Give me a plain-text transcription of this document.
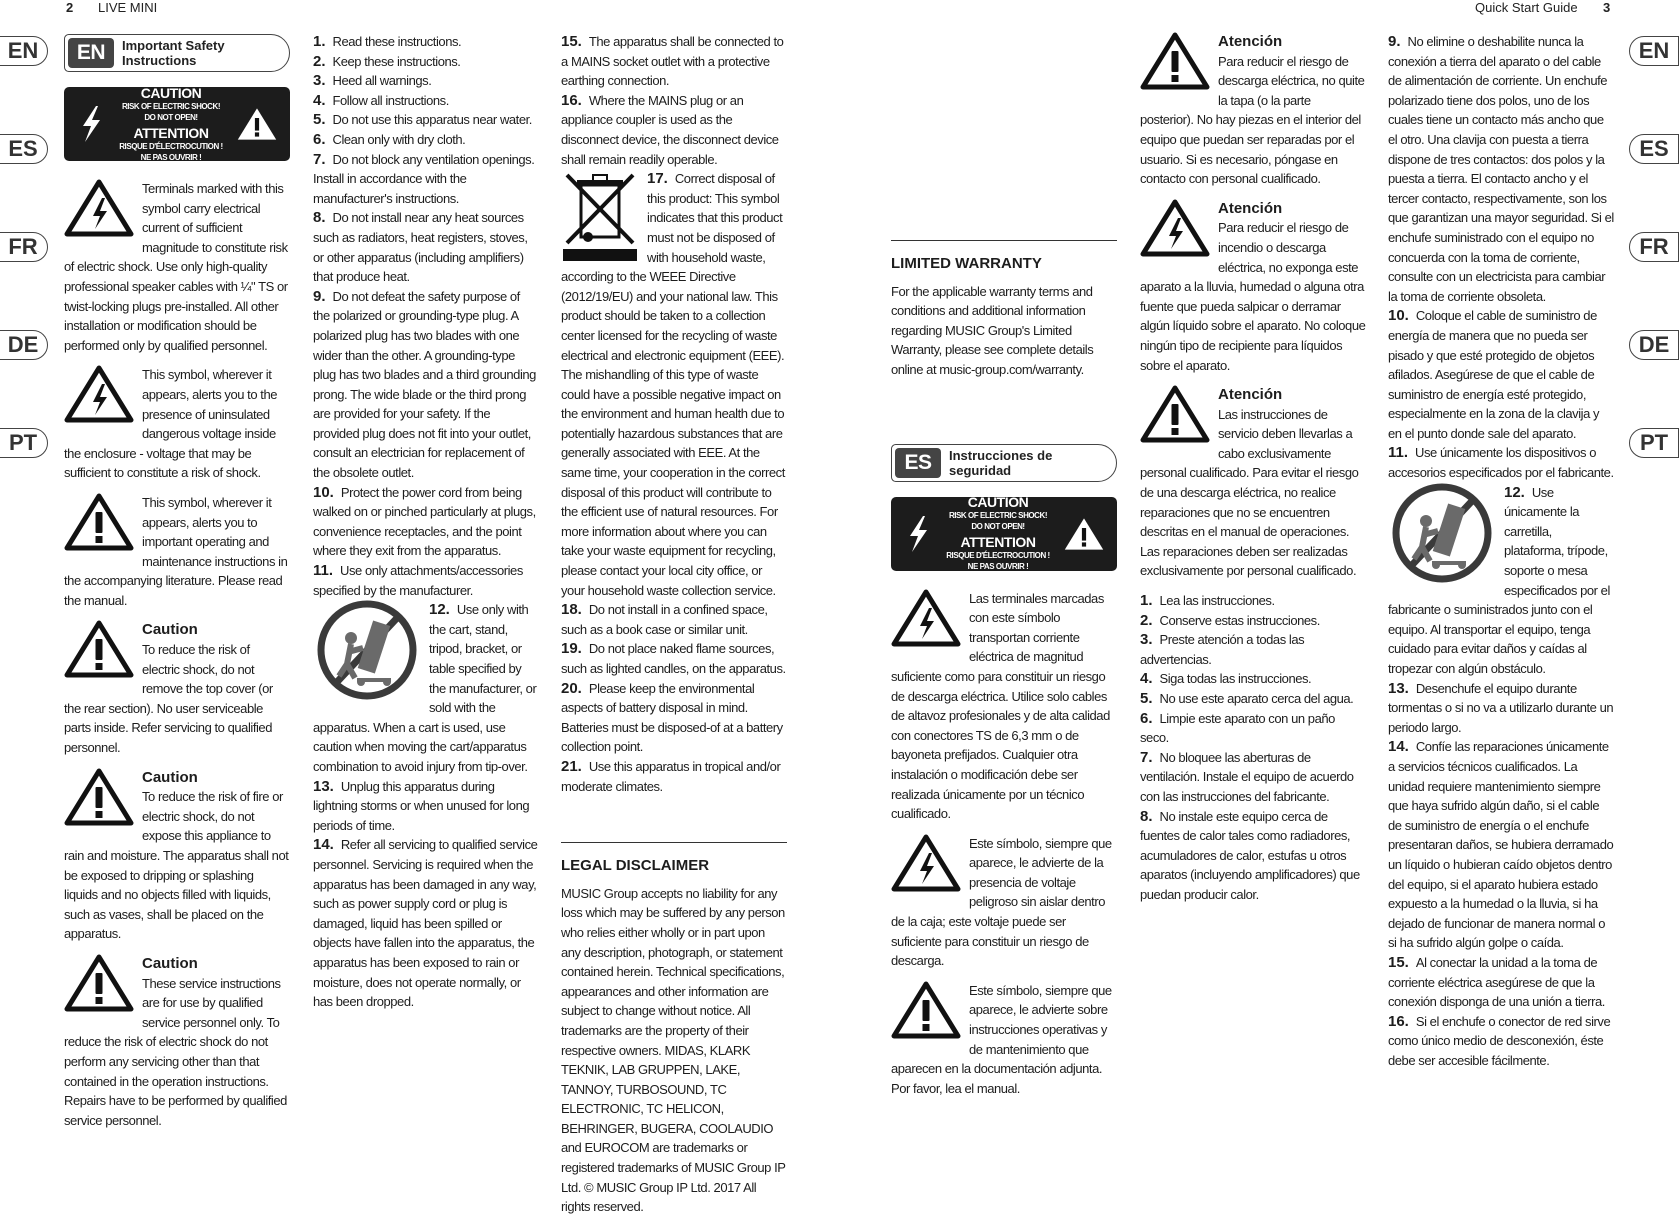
2 LIVE MINI	Quick Start Guide 3
EN
ES
FR
DE
PT
EN
ES
FR
DE
PT
EN	Important Safety
Instructions
CAUTION
RISK OF ELECTRIC SHOCK!
DO NOT OPEN!
ATTENTION
RISQUE D'ÉLECTROCUTION !
NE PAS OUVRIR !
Terminals marked with this symbol carry electrical current of sufficient magnitude to constitute risk of electric shock. Use only high-quality professional speaker cables with ¼" TS or twist-locking plugs pre-installed. All other installation or modification should be performed only by qualified personnel.
This symbol, wherever it appears, alerts you to the presence of uninsulated dangerous voltage inside the enclosure - voltage that may be sufficient to constitute a risk of shock.
This symbol, wherever it appears, alerts you to important operating and maintenance instructions in the accompanying literature. Please read the manual.
Caution
To reduce the risk of electric shock, do not remove the top cover (or the rear section). No user serviceable parts inside. Refer servicing to qualified personnel.
Caution
To reduce the risk of fire or electric shock, do not expose this appliance to rain and moisture. The apparatus shall not be exposed to dripping or splashing liquids and no objects filled with liquids, such as vases, shall be placed on the apparatus.
Caution
These service instructions are for use by qualified service personnel only. To reduce the risk of electric shock do not perform any servicing other than that contained in the operation instructions. Repairs have to be performed by qualified service personnel.

1. Read these instructions.

2. Keep these instructions.

3. Heed all warnings.

4. Follow all instructions.

5. Do not use this apparatus near water.

6. Clean only with dry cloth.

7. Do not block any ventilation openings. Install in accordance with the manufacturer's instructions.

8. Do not install near any heat sources such as radiators, heat registers, stoves, or other apparatus (including amplifiers) that produce heat.

9. Do not defeat the safety purpose of the polarized or grounding-type plug. A polarized plug has two blades with one wider than the other. A grounding-type plug has two blades and a third grounding prong. The wide blade or the third prong are provided for your safety. If the provided plug does not fit into your outlet, consult an electrician for replacement of the obsolete outlet.

10. Protect the power cord from being walked on or pinched particularly at plugs, convenience receptacles, and the point where they exit from the apparatus.

11. Use only attachments/accessories specified by the manufacturer.

12. Use only with the cart, stand, tripod, bracket, or table specified by the manufacturer, or sold with the apparatus. When a cart is used, use caution when moving the cart/apparatus combination to avoid injury from tip-over.

13. Unplug this apparatus during lightning storms or when unused for long periods of time.

14. Refer all servicing to qualified service personnel. Servicing is required when the apparatus has been damaged in any way, such as power supply cord or plug is damaged, liquid has been spilled or objects have fallen into the apparatus, the apparatus has been exposed to rain or moisture, does not operate normally, or has been dropped.

15. The apparatus shall be connected to a MAINS socket outlet with a protective earthing connection.

16. Where the MAINS plug or an appliance coupler is used as the disconnect device, the disconnect device shall remain readily operable.

17. Correct disposal of this product: This symbol indicates that this product must not be disposed of with household waste, according to the WEEE Directive (2012/19/EU) and your national law. This product should be taken to a collection center licensed for the recycling of waste electrical and electronic equipment (EEE). The mishandling of this type of waste could have a possible negative impact on the environment and human health due to potentially hazardous substances that are generally associated with EEE. At the same time, your cooperation in the correct disposal of this product will contribute to the efficient use of natural resources. For more information about where you can take your waste equipment for recycling, please contact your local city office, or your household waste collection service.

18. Do not install in a confined space, such as a book case or similar unit.

19. Do not place naked flame sources, such as lighted candles, on the apparatus.

20. Please keep the environmental aspects of battery disposal in mind. Batteries must be disposed-of at a battery collection point.

21. Use this apparatus in tropical and/or moderate climates.

LEGAL DISCLAIMER

MUSIC Group accepts no liability for any loss which may be suffered by any person who relies either wholly or in part upon any description, photograph, or statement contained herein. Technical specifications, appearances and other information are subject to change without notice. All trademarks are the property of their respective owners. MIDAS, KLARK TEKNIK, LAB GRUPPEN, LAKE, TANNOY, TURBOSOUND, TC ELECTRONIC, TC HELICON, BEHRINGER, BUGERA, COOLAUDIO and EUROCOM are trademarks or registered trademarks of MUSIC Group IP Ltd. © MUSIC Group IP Ltd. 2017 All rights reserved.

LIMITED WARRANTY

For the applicable warranty terms and conditions and additional information regarding MUSIC Group's Limited Warranty, please see complete details online at music-group.com/warranty.

ES	Instrucciones de
seguridad
CAUTION
RISK OF ELECTRIC SHOCK!
DO NOT OPEN!
ATTENTION
RISQUE D'ÉLECTROCUTION !
NE PAS OUVRIR !
Las terminales marcadas con este símbolo transportan corriente eléctrica de magnitud suficiente como para constituir un riesgo de descarga eléctrica. Utilice solo cables de altavoz profesionales y de alta calidad con conectores TS de 6,3 mm o de bayoneta prefijados. Cualquier otra instalación o modificación debe ser realizada únicamente por un técnico cualificado.
Este símbolo, siempre que aparece, le advierte de la presencia de voltaje peligroso sin aislar dentro de la caja; este voltaje puede ser suficiente para constituir un riesgo de descarga.
Este símbolo, siempre que aparece, le advierte sobre instrucciones operativas y de mantenimiento que aparecen en la documentación adjunta. Por favor, lea el manual.
Atención
Para reducir el riesgo de descarga eléctrica, no quite la tapa (o la parte posterior). No hay piezas en el interior del equipo que puedan ser reparadas por el usuario. Si es necesario, póngase en contacto con personal cualificado.
Atención
Para reducir el riesgo de incendio o descarga eléctrica, no exponga este aparato a la lluvia, humedad o alguna otra fuente que pueda salpicar o derramar algún líquido sobre el aparato. No coloque ningún tipo de recipiente para líquidos sobre el aparato.
Atención
Las instrucciones de servicio deben llevarlas a cabo exclusivamente personal cualificado. Para evitar el riesgo de una descarga eléctrica, no realice reparaciones que no se encuentren descritas en el manual de operaciones. Las reparaciones deben ser realizadas exclusivamente por personal cualificado.

1. Lea las instrucciones.

2. Conserve estas instrucciones.

3. Preste atención a todas las advertencias.

4. Siga todas las instrucciones.

5. No use este aparato cerca del agua.

6. Limpie este aparato con un paño seco.

7. No bloquee las aberturas de ventilación. Instale el equipo de acuerdo con las instrucciones del fabricante.

8. No instale este equipo cerca de fuentes de calor tales como radiadores, acumuladores de calor, estufas u otros aparatos (incluyendo amplificadores) que puedan producir calor.

9. No elimine o deshabilite nunca la conexión a tierra del aparato o del cable de alimentación de corriente. Un enchufe polarizado tiene dos polos, uno de los cuales tiene un contacto más ancho que el otro. Una clavija con puesta a tierra dispone de tres contactos: dos polos y la puesta a tierra. El contacto ancho y el tercer contacto, respectivamente, son los que garantizan una mayor seguridad. Si el enchufe suministrado con el equipo no concuerda con la toma de corriente, consulte con un electricista para cambiar la toma de corriente obsoleta.

10. Coloque el cable de suministro de energía de manera que no pueda ser pisado y que esté protegido de objetos afilados. Asegúrese de que el cable de suministro de energía esté protegido, especialmente en la zona de la clavija y en el punto donde sale del aparato.

11. Use únicamente los dispositivos o accesorios especificados por el fabricante.

12. Use únicamente la carretilla, plataforma, trípode, soporte o mesa especificados por el fabricante o suministrados junto con el equipo. Al transportar el equipo, tenga cuidado para evitar daños y caídas al tropezar con algún obstáculo.

13. Desenchufe el equipo durante tormentas o si no va a utilizarlo durante un periodo largo.

14. Confíe las reparaciones únicamente a servicios técnicos cualificados. La unidad requiere mantenimiento siempre que haya sufrido algún daño, si el cable de suministro de energía o el enchufe presentaran daños, se hubiera derramado un líquido o hubieran caído objetos dentro del equipo, si el aparato hubiera estado expuesto a la humedad o la lluvia, si ha dejado de funcionar de manera normal o si ha sufrido algún golpe o caída.

15. Al conectar la unidad a la toma de corriente eléctrica asegúrese de que la conexión disponga de una unión a tierra.

16. Si el enchufe o conector de red sirve como único medio de desconexión, éste debe ser accesible fácilmente.
